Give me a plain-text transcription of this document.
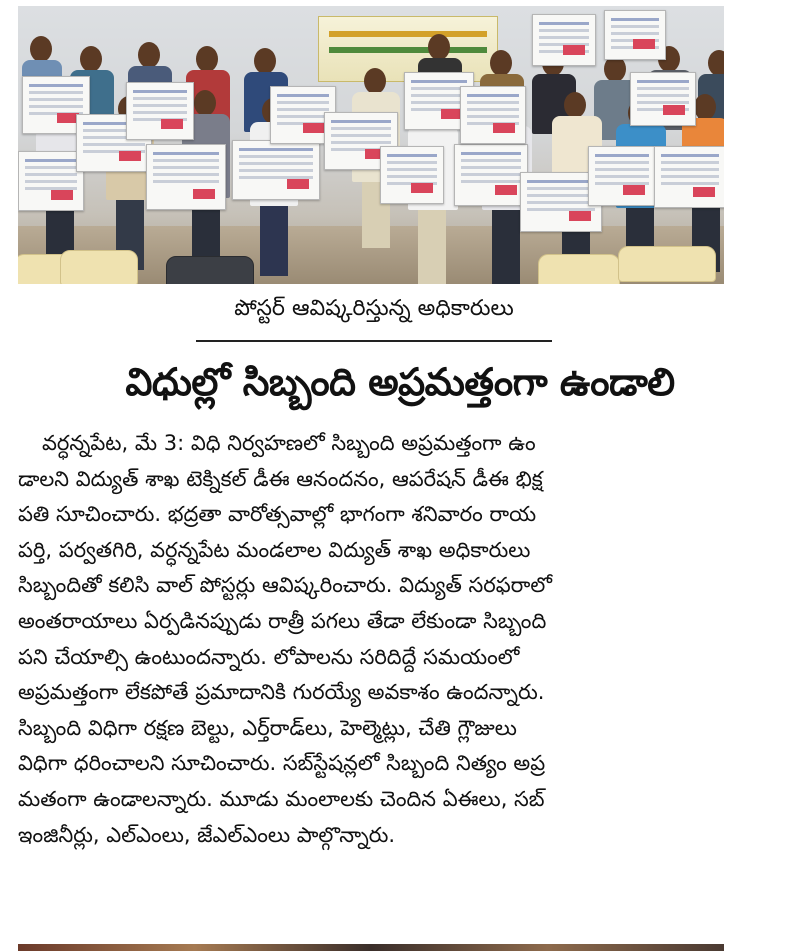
పోస్టర్ ఆవిష్కరిస్తున్న అధికారులు
విధుల్లో సిబ్బంది అప్రమత్తంగా ఉండాలి
వర్ధన్నపేట, మే 3: విధి నిర్వహణలో సిబ్బంది అప్రమత్తంగా ఉం
డాలని విద్యుత్ శాఖ టెక్నికల్ డీఈ ఆనందనం, ఆపరేషన్ డీఈ భిక్ష
పతి సూచించారు. భద్రతా వారోత్సవాల్లో భాగంగా శనివారం రాయ
పర్తి, పర్వతగిరి, వర్ధన్నపేట మండలాల విద్యుత్ శాఖ అధికారులు
సిబ్బందితో కలిసి వాల్ పోస్టర్లు ఆవిష్కరించారు. విద్యుత్ సరఫరాలో
అంతరాయాలు ఏర్పడినప్పుడు రాత్రీ పగలు తేడా లేకుండా సిబ్బంది
పని చేయాల్సి ఉంటుందన్నారు. లోపాలను సరిదిద్దే సమయంలో
అప్రమత్తంగా లేకపోతే ప్రమాదానికి గురయ్యే అవకాశం ఉందన్నారు.
సిబ్బంది విధిగా రక్షణ బెల్టు, ఎర్త్‌రాడ్‌లు, హెల్మెట్లు, చేతి గ్లౌజులు
విధిగా ధరించాలని సూచించారు. సబ్‌స్టేషన్లలో సిబ్బంది నిత్యం అప్ర
మతంగా ఉండాలన్నారు. మూడు మంలాలకు చెందిన ఏఈలు, సబ్
ఇంజినీర్లు, ఎల్‌ఎంలు, జేఎల్‌ఎంలు పాల్గొన్నారు.
